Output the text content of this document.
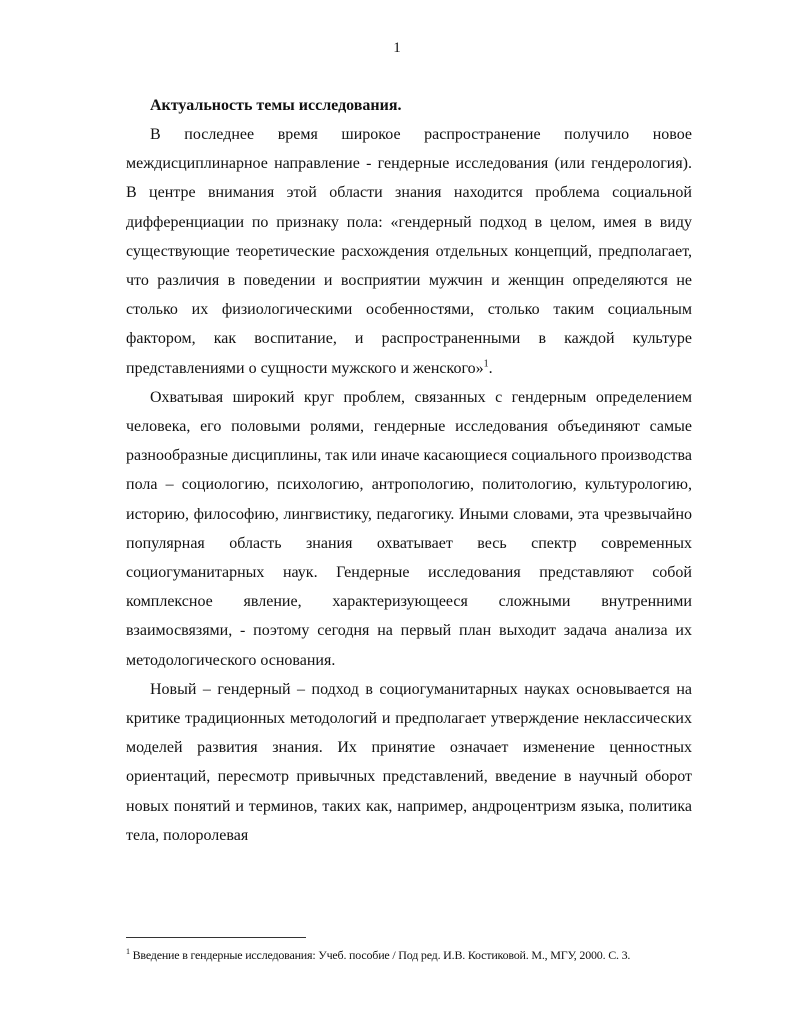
1

Актуальность темы исследования.

В последнее время широкое распространение получило новое междисциплинарное направление - гендерные исследования (или гендерология). В центре внимания этой области знания находится проблема социальной дифференциации по признаку пола: «гендерный подход в целом, имея в виду существующие теоретические расхождения отдельных концепций, предполагает, что различия в поведении и восприятии мужчин и женщин определяются не столько их физиологическими особенностями, столько таким социальным фактором, как воспитание, и распространенными в каждой культуре представлениями о сущности мужского и женского»$^1$.

Охватывая широкий круг проблем, связанных с гендерным определением человека, его половыми ролями, гендерные исследования объединяют самые разнообразные дисциплины, так или иначе касающиеся социального производства пола – социологию, психологию, антропологию, политологию, культурологию, историю, философию, лингвистику, педагогику. Иными словами, эта чрезвычайно популярная область знания охватывает весь спектр современных социогуманитарных наук. Гендерные исследования представляют собой комплексное явление, характеризующееся сложными внутренними взаимосвязями, - поэтому сегодня на первый план выходит задача анализа их методологического основания.

Новый – гендерный – подход в социогуманитарных науках основывается на критике традиционных методологий и предполагает утверждение неклассических моделей развития знания. Их принятие означает изменение ценностных ориентаций, пересмотр привычных представлений, введение в научный оборот новых понятий и терминов, таких как, например, андроцентризм языка, политика тела, полоролевая

$^1$ Введение в гендерные исследования: Учеб. пособие / Под ред. И.В. Костиковой. М., МГУ, 2000. С. 3.
